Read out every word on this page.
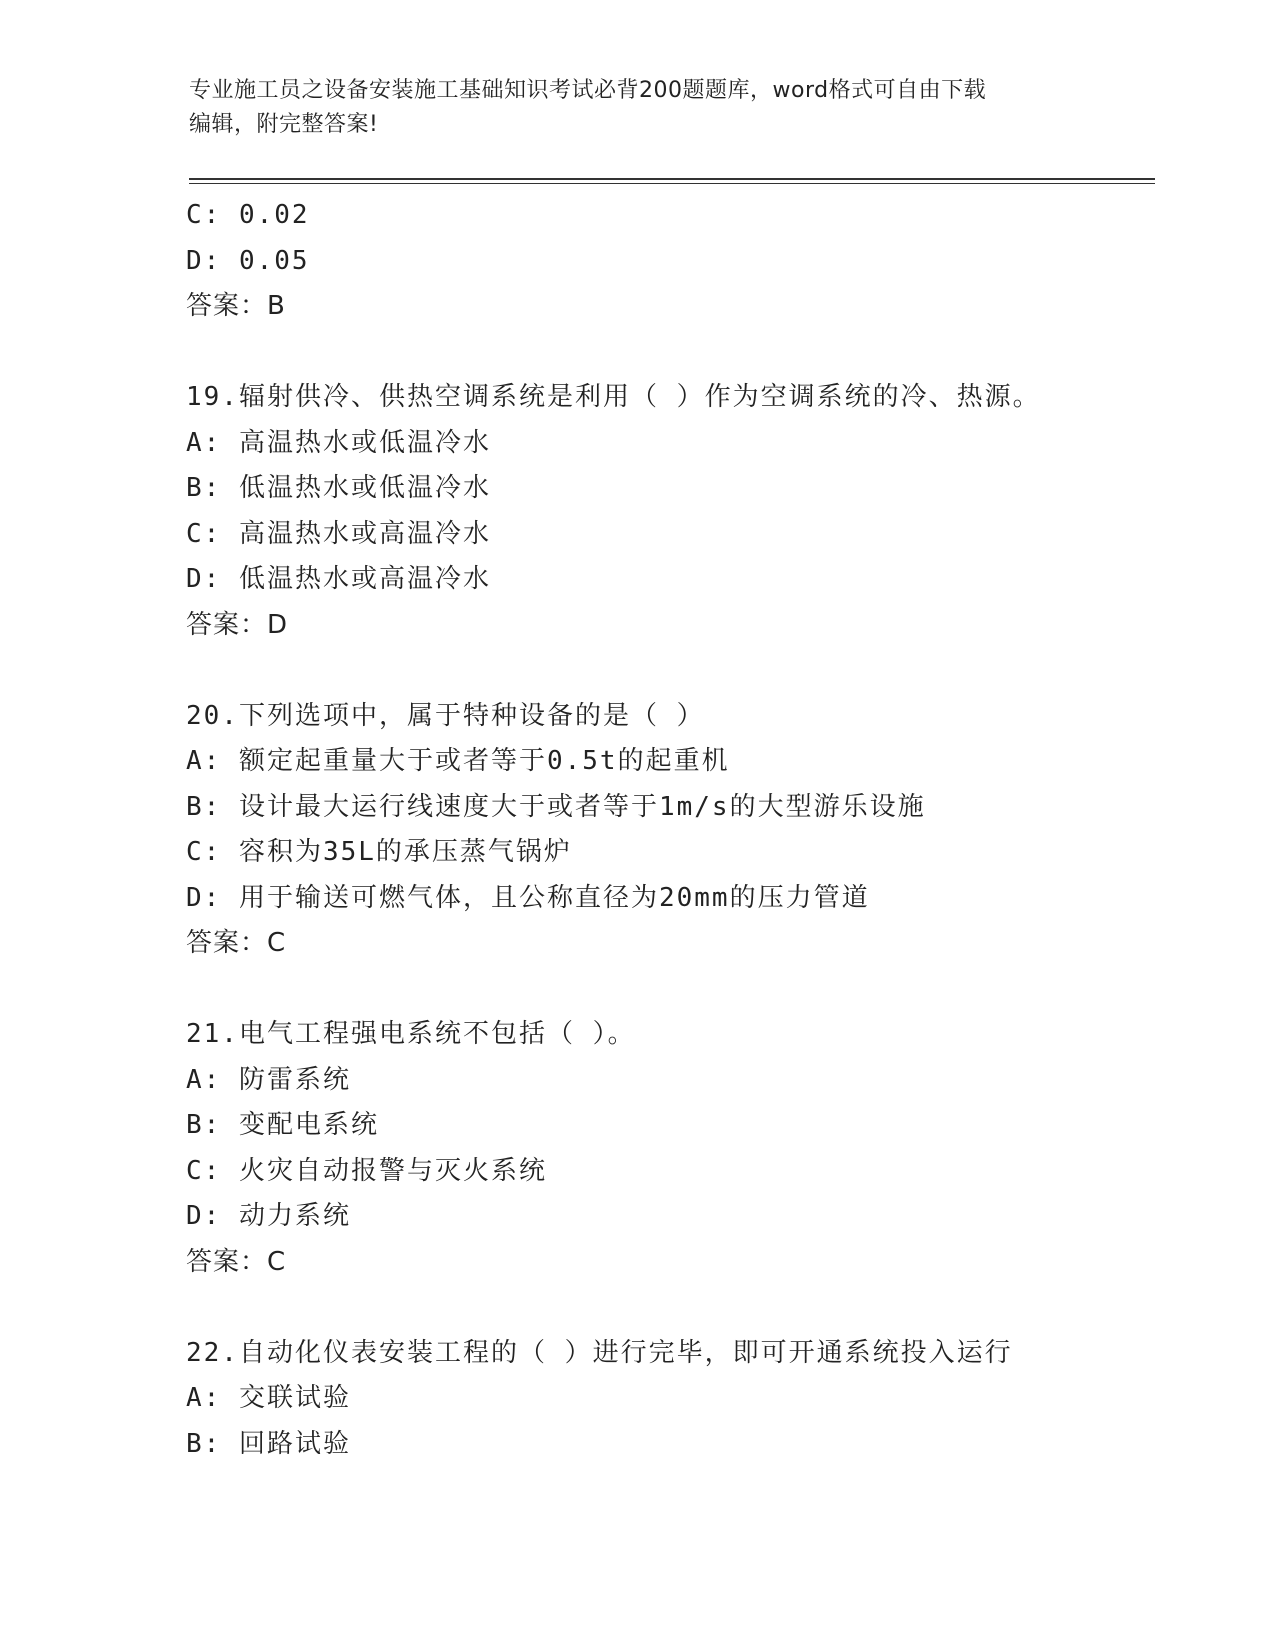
专业施工员之设备安装施工基础知识考试必背200题题库，word格式可自由下载
编辑，附完整答案!
C: 0.02
D: 0.05
答案：B
19.辐射供冷、供热空调系统是利用（ ）作为空调系统的冷、热源。
A: 高温热水或低温冷水
B: 低温热水或低温冷水
C: 高温热水或高温冷水
D: 低温热水或高温冷水
答案：D
20.下列选项中，属于特种设备的是（ ）
A: 额定起重量大于或者等于0.5t的起重机
B: 设计最大运行线速度大于或者等于1m/s的大型游乐设施
C: 容积为35L的承压蒸气锅炉
D: 用于输送可燃气体，且公称直径为20mm的压力管道
答案：C
21.电气工程强电系统不包括（ ）。
A: 防雷系统
B: 变配电系统
C: 火灾自动报警与灭火系统
D: 动力系统
答案：C
22.自动化仪表安装工程的（ ）进行完毕，即可开通系统投入运行
A: 交联试验
B: 回路试验
